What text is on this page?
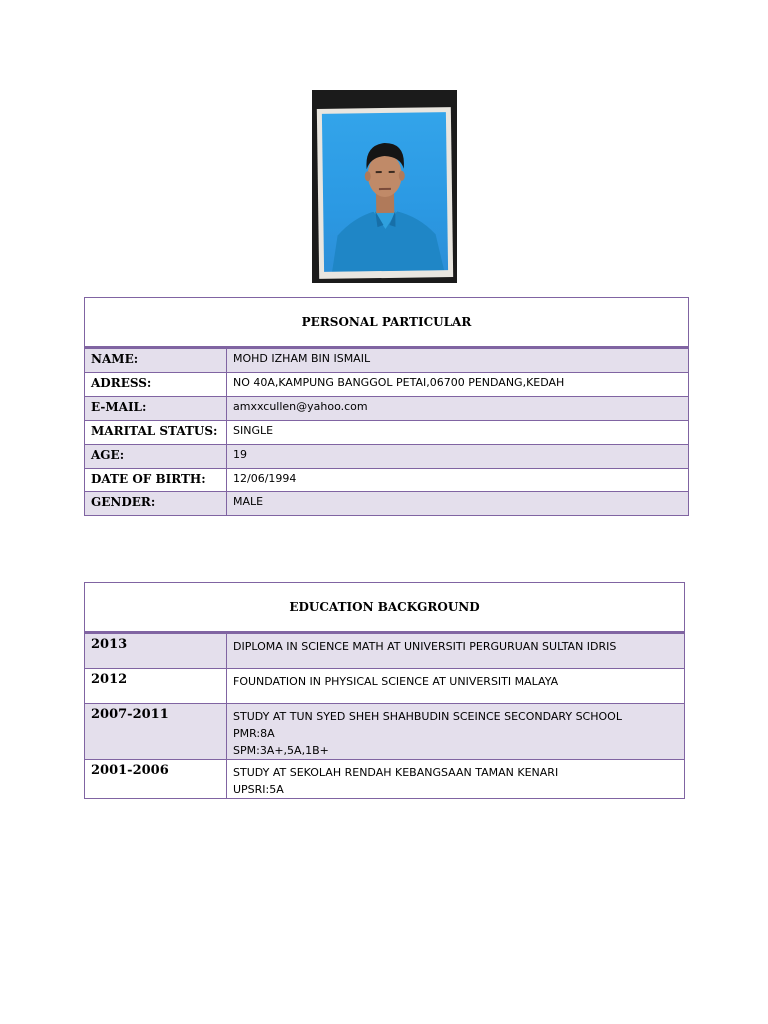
PERSONAL PARTICULAR	
NAME:	MOHD IZHAM BIN ISMAIL
ADRESS:	NO 40A,KAMPUNG BANGGOL PETAI,06700 PENDANG,KEDAH
E-MAIL:	amxxcullen@yahoo.com
MARITAL STATUS:	SINGLE
AGE:	19
DATE OF BIRTH:	12/06/1994
GENDER:	MALE
EDUCATION BACKGROUND	
2013	DIPLOMA IN SCIENCE MATH AT UNIVERSITI PERGURUAN SULTAN IDRIS

2012	FOUNDATION IN PHYSICAL SCIENCE AT UNIVERSITI MALAYA

2007-2011	STUDY AT TUN SYED SHEH SHAHBUDIN SCEINCE SECONDARY SCHOOL
PMR:8A
SPM:3A+,5A,1B+

2001-2006	STUDY AT SEKOLAH RENDAH KEBANGSAAN TAMAN KENARI
UPSRI:5A
